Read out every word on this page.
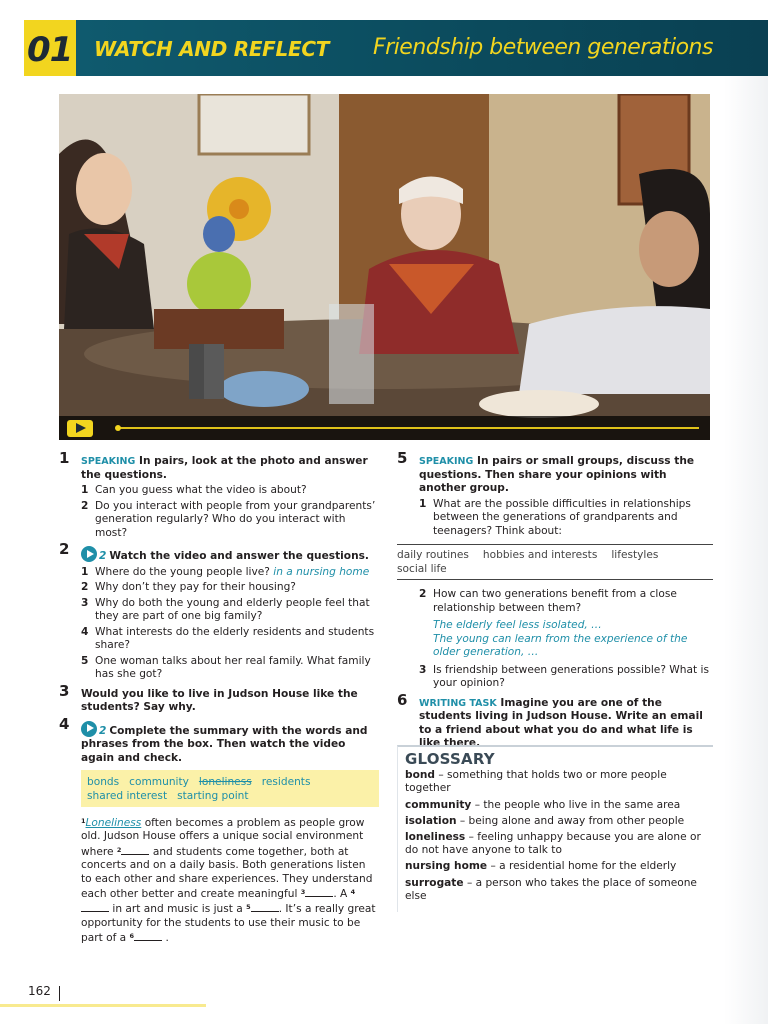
01 WATCH AND REFLECT Friendship between generations
1 SPEAKING In pairs, look at the photo and answer the questions.
1 Can you guess what the video is about?
2 Do you interact with people from your grandparents’ generation regularly? Who do you interact with most?
2	2 Watch the video and answer the questions.
1 Where do the young people live? in a nursing home
2 Why don’t they pay for their housing?
3 Why do both the young and elderly people feel that they are part of one big family?
4 What interests do the elderly residents and students share?
5 One woman talks about her real family. What family has she got?
3 Would you like to live in Judson House like the students? Say why.
4	2 Complete the summary with the words and phrases from the box. Then watch the video again and check.
bonds community loneliness residents
shared interest starting point
$^1$Loneliness often becomes a problem as people grow old. Judson House offers a unique social environment where $^2$	and students come together, both at concerts and on a daily basis. Both generations listen to each other and share experiences. They understand each other better and create meaningful $^3$	. A $^4$ in art and music is just a $^5$	. It’s a really great opportunity for the students to use their music to be part of a $^6$	.
5 SPEAKING In pairs or small groups, discuss the questions. Then share your opinions with another group.
1 What are the possible difficulties in relationships between the generations of grandparents and teenagers? Think about:
daily routines hobbies and interests lifestyles
social life
2 How can two generations benefit from a close relationship between them?
The elderly feel less isolated, …
The young can learn from the experience of the older generation, …
3 Is friendship between generations possible? What is your opinion?
6 WRITING TASK Imagine you are one of the students living in Judson House. Write an email to a friend about what you do and what life is like there.
GLOSSARY
bond – something that holds two or more people together
community – the people who live in the same area
isolation – being alone and away from other people
loneliness – feeling unhappy because you are alone or do not have anyone to talk to
nursing home – a residential home for the elderly
surrogate – a person who takes the place of someone else
162
